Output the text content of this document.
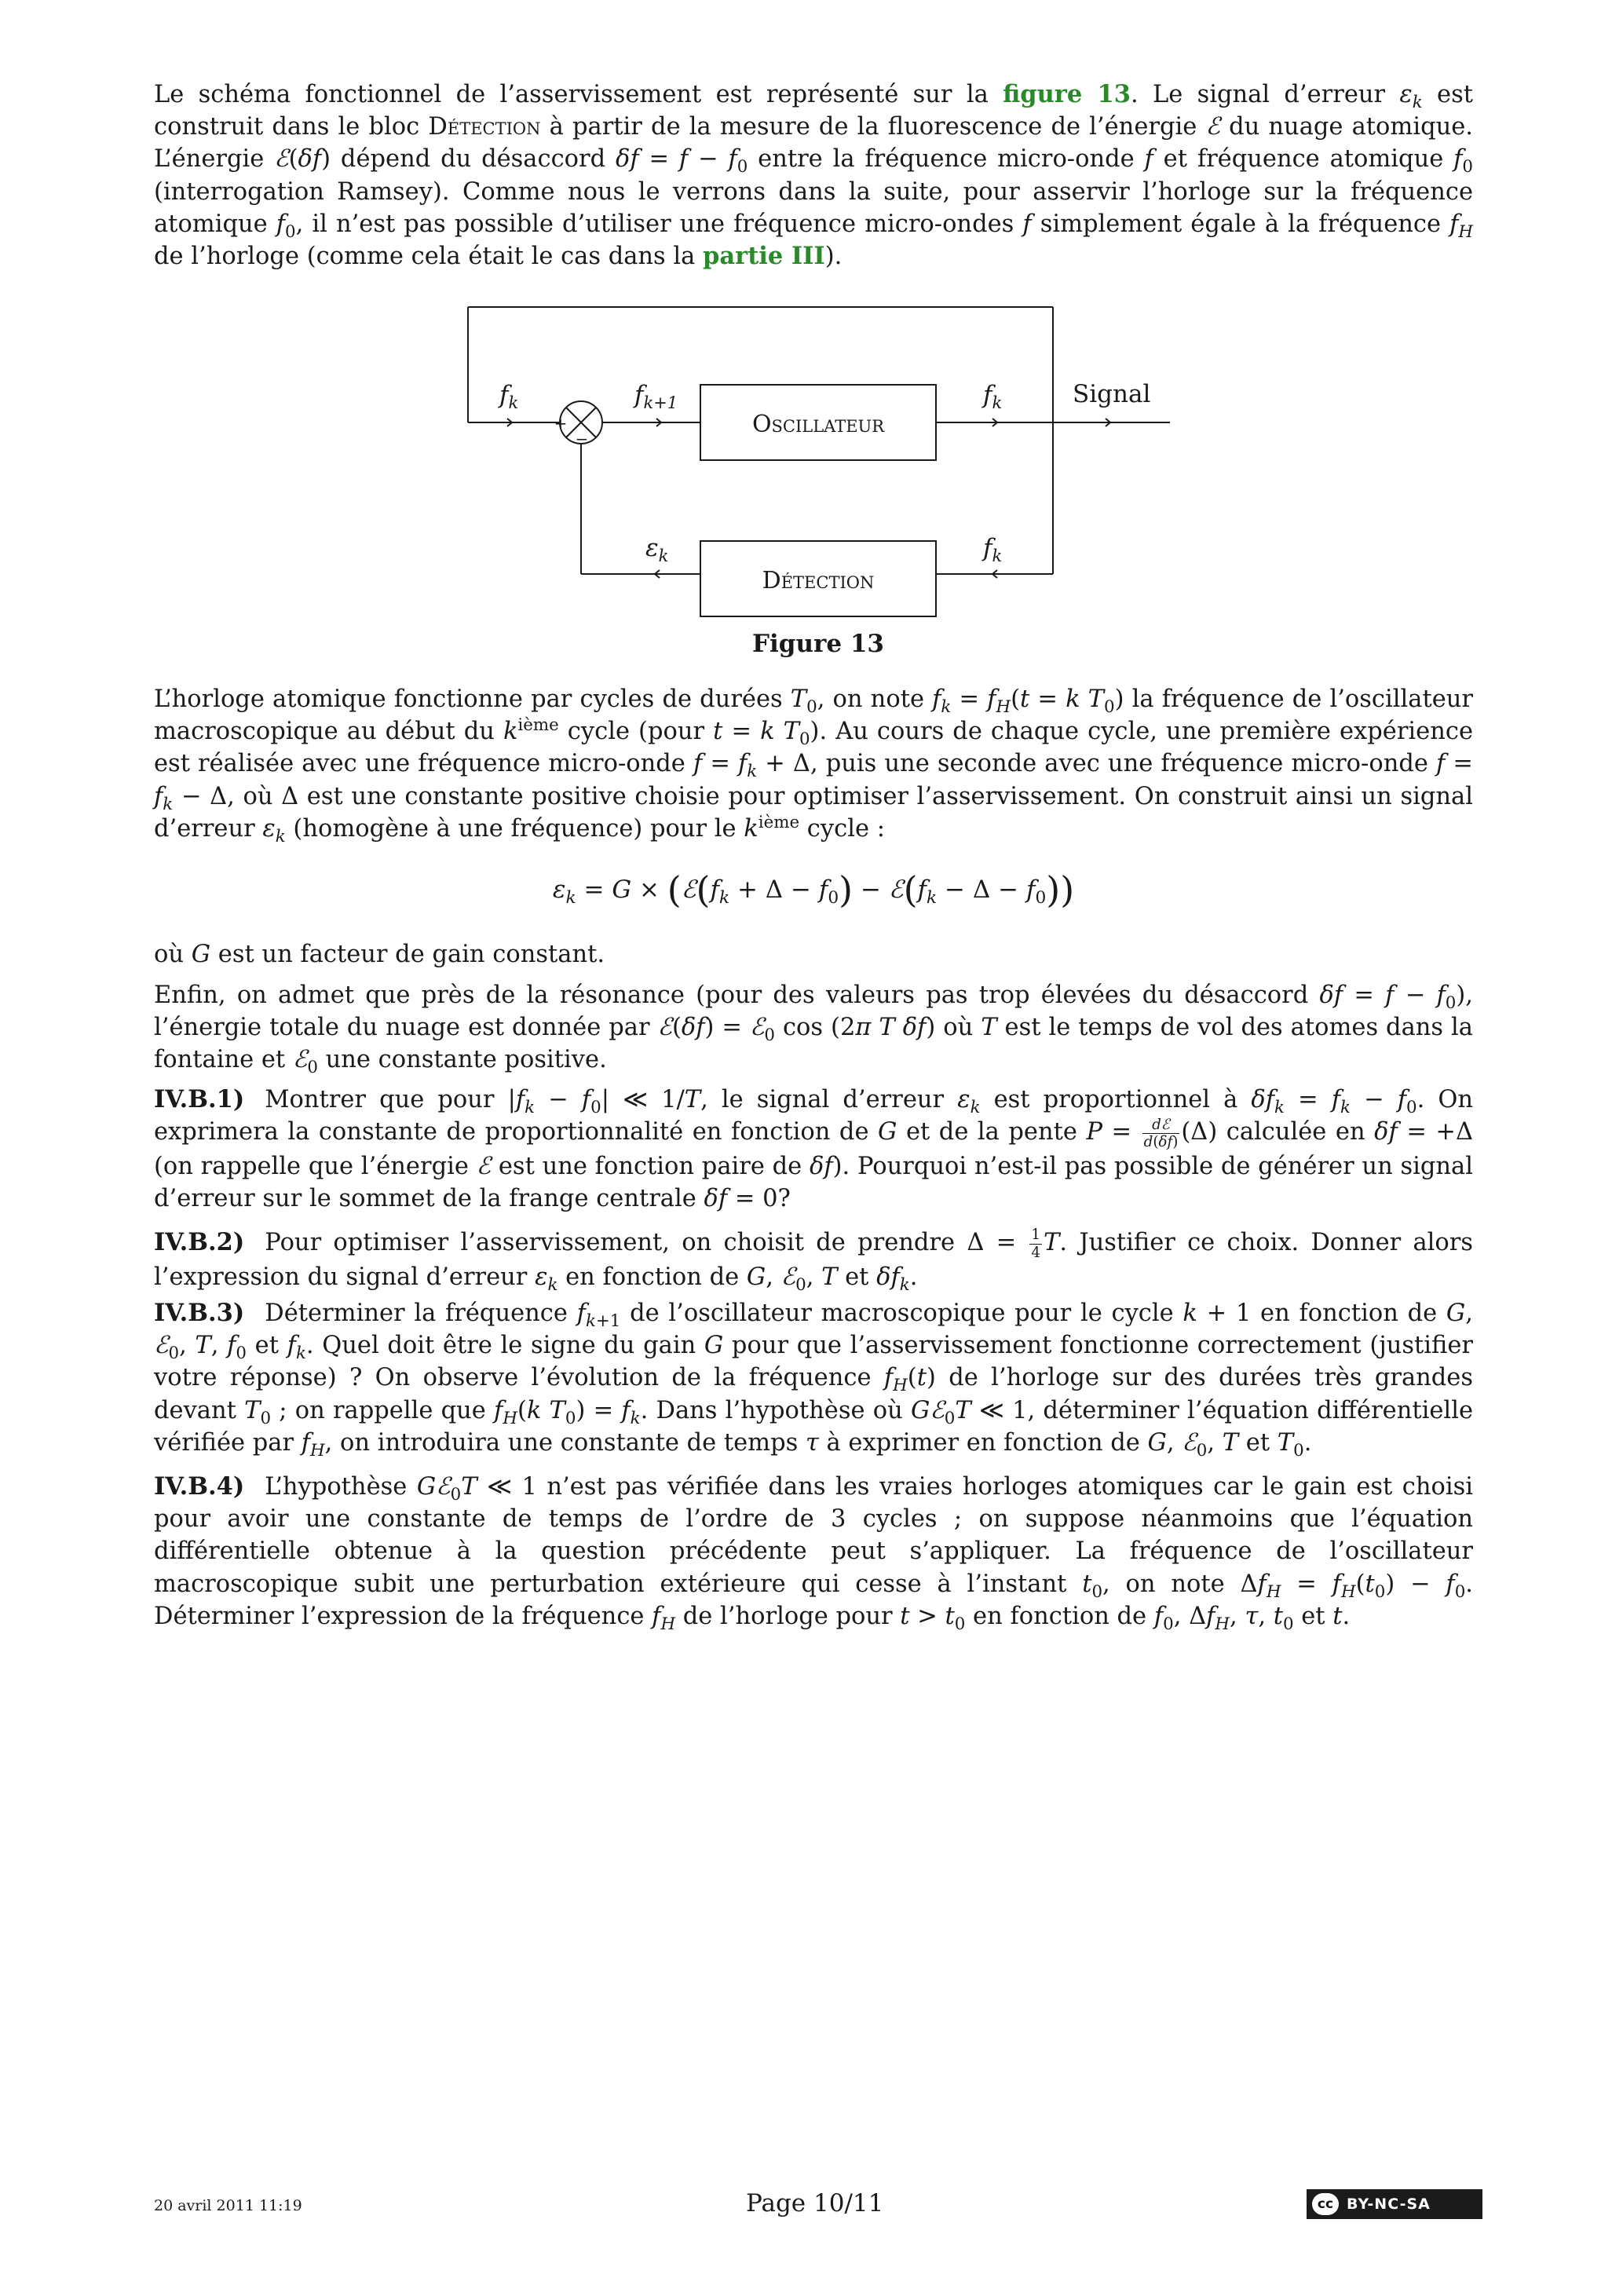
Le schéma fonctionnel de l’asservissement est représenté sur la figure 13. Le signal d’erreur $\varepsilon_k$ est construit dans le bloc Détection à partir de la mesure de la fluorescence de l’énergie ℰ du nuage atomique. L’énergie ℰ(δf) dépend du désaccord $\delta f = f - f_0$ entre la fréquence micro-onde f et fréquence atomique $f_0$ (interrogation Ramsey). Comme nous le verrons dans la suite, pour asservir l’horloge sur la fréquence atomique $f_0$, il n’est pas possible d’utiliser une fréquence micro-ondes f simplement égale à la fréquence $f_H$ de l’horloge (comme cela était le cas dans la partie III).

Oscillateur
Détection
Signal
+
−
$f_k$	$f_{k+1}$	$f_k$
$f_k$
$\varepsilon_k$
Figure 13

L’horloge atomique fonctionne par cycles de durées $T_0$, on note $f_k = f_H(t = k$ $T_0$) la fréquence de l’oscillateur macroscopique au début du $k^{ième}$ cycle (pour t = k $T_0$). Au cours de chaque cycle, une première expérience est réalisée avec une fréquence micro-onde $f = f_k + \Delta$, puis une seconde avec une fréquence micro-onde $f = f_k - \Delta$, où Δ est une constante positive choisie pour optimiser l’asservissement. On construit ainsi un signal d’erreur $\varepsilon_k$ (homogène à une fréquence) pour le $k^{ième}$ cycle :

$\varepsilon_k = G$ × ($ℰ(f_k + \Delta - f_0)$ − $ℰ(f_k - \Delta - f_0)$)

où G est un facteur de gain constant.

Enfin, on admet que près de la résonance (pour des valeurs pas trop élevées du désaccord $\delta f = f - f_0$), l’énergie totale du nuage est donnée par ℰ(δf) = ℰ$_0$ cos (2π T δf) où T est le temps de vol des atomes dans la fontaine et ℰ$_0$ une constante positive.

IV.B.1) Montrer que pour $|f_k - f_0|$ ≪ 1/T, le signal d’erreur $\varepsilon_k$ est proportionnel à $\delta f_k = f_k - f_0$. On exprimera la constante de proportionnalité en fonction de G et de la pente $P = \frac{\text{dℰ}}{d(\delta f)} (\Delta)$ calculée en δf = +Δ (on rappelle que l’énergie ℰ est une fonction paire de δf). Pourquoi n’est-il pas possible de générer un signal d’erreur sur le sommet de la frange centrale δf = 0?

IV.B.2) Pour optimiser l’asservissement, on choisit de prendre $\Delta = \frac{1}{4} T$. Justifier ce choix. Donner alors l’expression du signal d’erreur $\varepsilon_k$ en fonction de G, ℰ$_0$, T et $\delta f_k$.

IV.B.3) Déterminer la fréquence $f_{k+1}$ de l’oscillateur macroscopique pour le cycle k + 1 en fonction de G, ℰ$_0$, T, $f_0$ et $f_k$. Quel doit être le signe du gain G pour que l’asservissement fonctionne correctement (justifier votre réponse) ? On observe l’évolution de la fréquence $f_H(t)$ de l’horloge sur des durées très grandes devant $T_0$ ; on rappelle que $f_H(k$ $T_0) = f_k$. Dans l’hypothèse où Gℰ$_0$T ≪ 1, déterminer l’équation différentielle vérifiée par $f_H$, on introduira une constante de temps τ à exprimer en fonction de G, ℰ$_0$, T et $T_0$.

IV.B.4) L’hypothèse Gℰ$_0$T ≪ 1 n’est pas vérifiée dans les vraies horloges atomiques car le gain est choisi pour avoir une constante de temps de l’ordre de 3 cycles ; on suppose néanmoins que l’équation différentielle obtenue à la question précédente peut s’appliquer. La fréquence de l’oscillateur macroscopique subit une perturbation extérieure qui cesse à l’instant $t_0$, on note $\Delta f_H = f_H(t_0) - f_0$. Déterminer l’expression de la fréquence $f_H$ de l’horloge pour $t > t_0$ en fonction de $f_0$, $\Delta f_H$, τ, $t_0$ et t.

20 avril 2011 11:19	Page 10/11	cc BY-NC-SA
